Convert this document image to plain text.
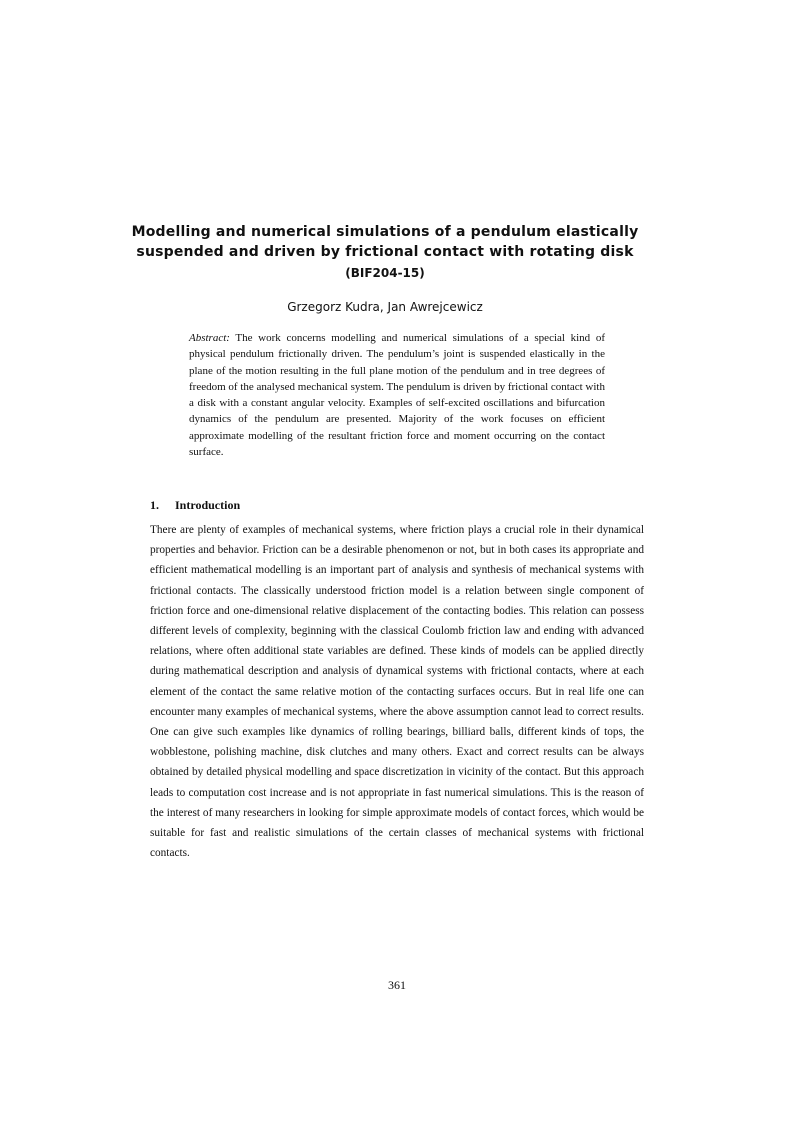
Modelling and numerical simulations of a pendulum elastically
suspended and driven by frictional contact with rotating disk
(BIF204-15)
Grzegorz Kudra, Jan Awrejcewicz
Abstract: The work concerns modelling and numerical simulations of a special kind of physical pendulum frictionally driven. The pendulum’s joint is suspended elastically in the plane of the motion resulting in the full plane motion of the pendulum and in tree degrees of freedom of the analysed mechanical system. The pendulum is driven by frictional contact with a disk with a constant angular velocity. Examples of self-excited oscillations and bifurcation dynamics of the pendulum are presented. Majority of the work focuses on efficient approximate modelling of the resultant friction force and moment occurring on the contact surface.
1. Introduction

There are plenty of examples of mechanical systems, where friction plays a crucial role in their dynamical properties and behavior. Friction can be a desirable phenomenon or not, but in both cases its appropriate and efficient mathematical modelling is an important part of analysis and synthesis of mechanical systems with frictional contacts. The classically understood friction model is a relation between single component of friction force and one-dimensional relative displacement of the contacting bodies. This relation can possess different levels of complexity, beginning with the classical Coulomb friction law and ending with advanced relations, where often additional state variables are defined. These kinds of models can be applied directly during mathematical description and analysis of dynamical systems with frictional contacts, where at each element of the contact the same relative motion of the contacting surfaces occurs. But in real life one can encounter many examples of mechanical systems, where the above assumption cannot lead to correct results. One can give such examples like dynamics of rolling bearings, billiard balls, different kinds of tops, the wobblestone, polishing machine, disk clutches and many others. Exact and correct results can be always obtained by detailed physical modelling and space discretization in vicinity of the contact. But this approach leads to computation cost increase and is not appropriate in fast numerical simulations. This is the reason of the interest of many researchers in looking for simple approximate models of contact forces, which would be suitable for fast and realistic simulations of the certain classes of mechanical systems with frictional contacts.

361
